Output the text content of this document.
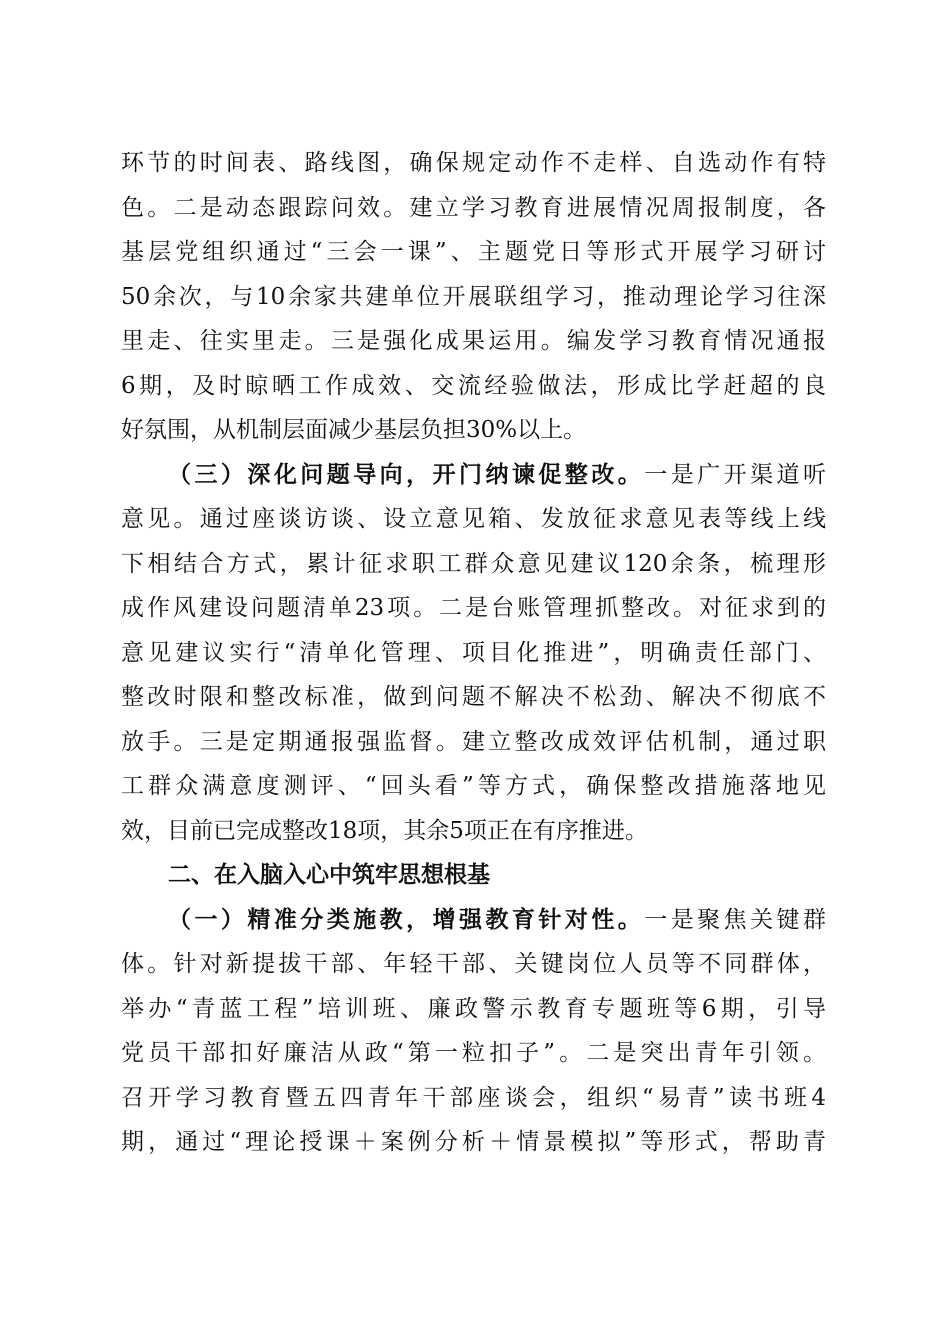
环节的时间表、路线图，确保规定动作不走样、自选动作有特

色。二是动态跟踪问效。建立学习教育进展情况周报制度，各

基层党组织通过“三会一课”、主题党日等形式开展学习研讨

50余次，与10余家共建单位开展联组学习，推动理论学习往深

里走、往实里走。三是强化成果运用。编发学习教育情况通报

6期，及时晾晒工作成效、交流经验做法，形成比学赶超的良

好氛围，从机制层面减少基层负担30%以上。

（三）深化问题导向，开门纳谏促整改。一是广开渠道听

意见。通过座谈访谈、设立意见箱、发放征求意见表等线上线

下相结合方式，累计征求职工群众意见建议120余条，梳理形

成作风建设问题清单23项。二是台账管理抓整改。对征求到的

意见建议实行“清单化管理、项目化推进”，明确责任部门、

整改时限和整改标准，做到问题不解决不松劲、解决不彻底不

放手。三是定期通报强监督。建立整改成效评估机制，通过职

工群众满意度测评、“回头看”等方式，确保整改措施落地见

效，目前已完成整改18项，其余5项正在有序推进。

二、在入脑入心中筑牢思想根基

（一）精准分类施教，增强教育针对性。一是聚焦关键群

体。针对新提拔干部、年轻干部、关键岗位人员等不同群体，

举办“青蓝工程”培训班、廉政警示教育专题班等6期，引导

党员干部扣好廉洁从政“第一粒扣子”。二是突出青年引领。

召开学习教育暨五四青年干部座谈会，组织“易青”读书班4

期，通过“理论授课＋案例分析＋情景模拟”等形式，帮助青
